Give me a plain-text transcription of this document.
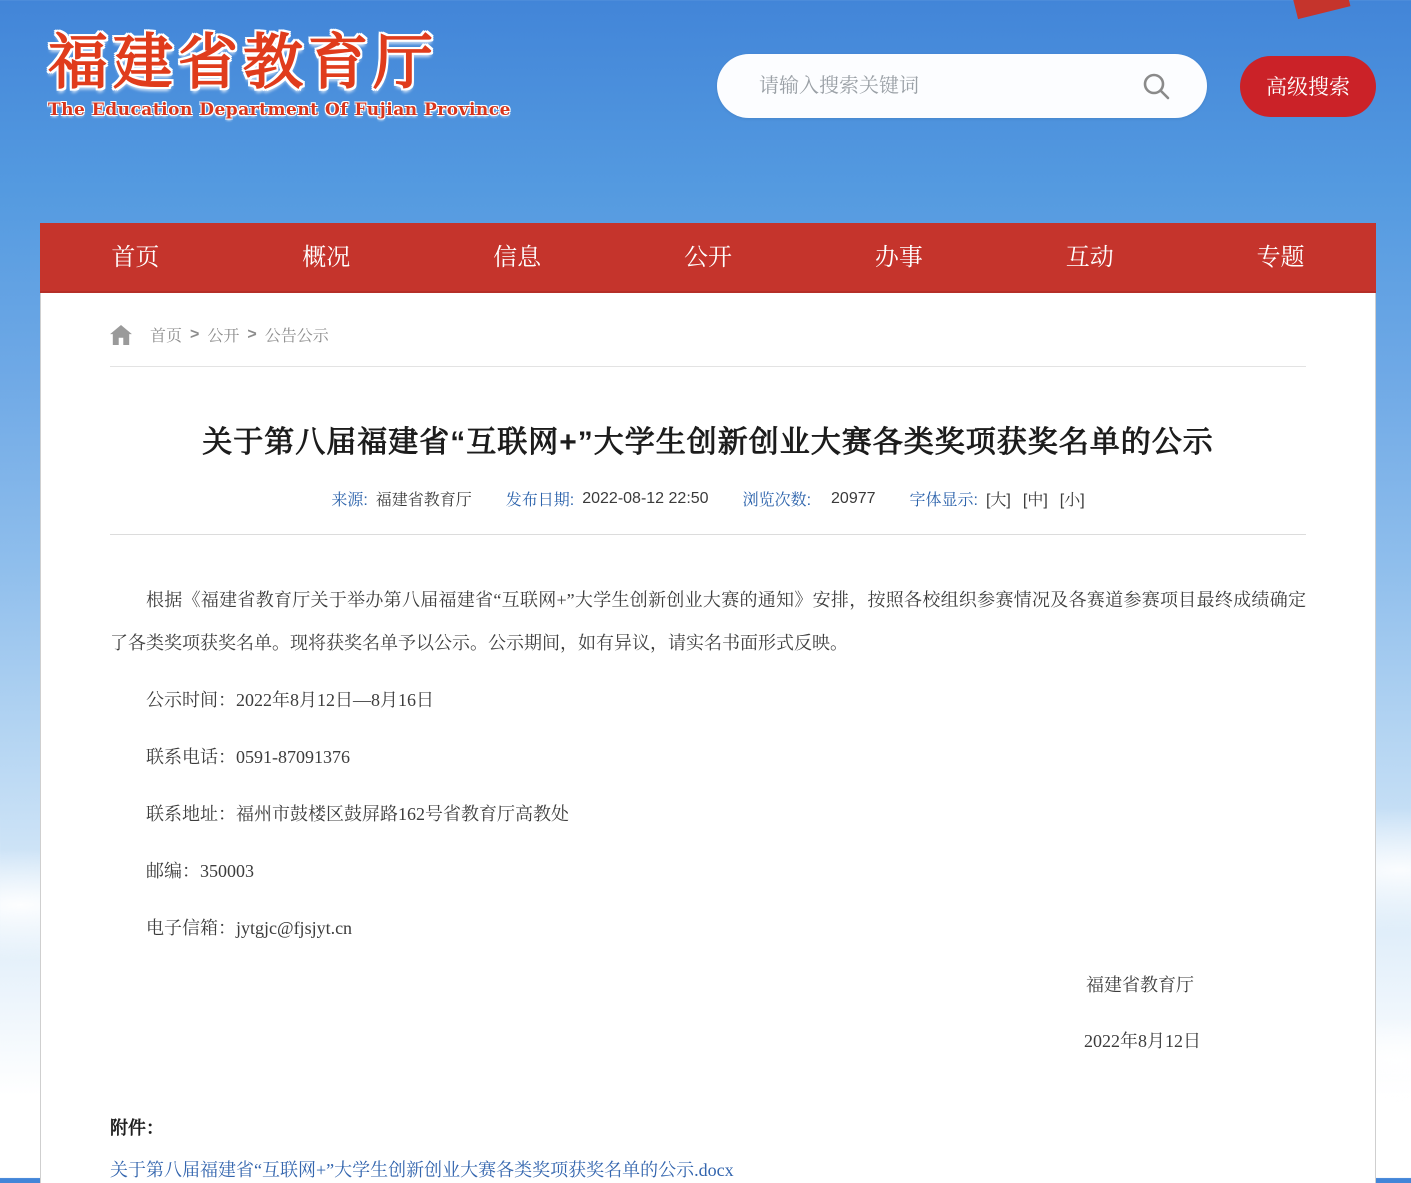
福建省教育厅
The Education Department Of Fujian Province
请输入搜索关键词
高级搜索
首页	概况	信息	公开	办事	互动	专题
首页 > 公开 > 公告公示
关于第八届福建省“互联网+”大学生创新创业大赛各类奖项获奖名单的公示
来源: 福建省教育厅 发布日期: 2022-08-12 22:50 浏览次数: 20977 字体显示: [大] [中] [小]

根据《福建省教育厅关于举办第八届福建省“互联网+”大学生创新创业大赛的通知》安排，按照各校组织参赛情况及各赛道参赛项目最终成绩确定了各类奖项获奖名单。现将获奖名单予以公示。公示期间，如有异议，请实名书面形式反映。

公示时间：2022年8月12日—8月16日

联系电话：0591-87091376

联系地址：福州市鼓楼区鼓屏路162号省教育厅高教处

邮编：350003

电子信箱：jytgjc@fjsjyt.cn

福建省教育厅

2022年8月12日

附件：

关于第八届福建省“互联网+”大学生创新创业大赛各类奖项获奖名单的公示.docx
